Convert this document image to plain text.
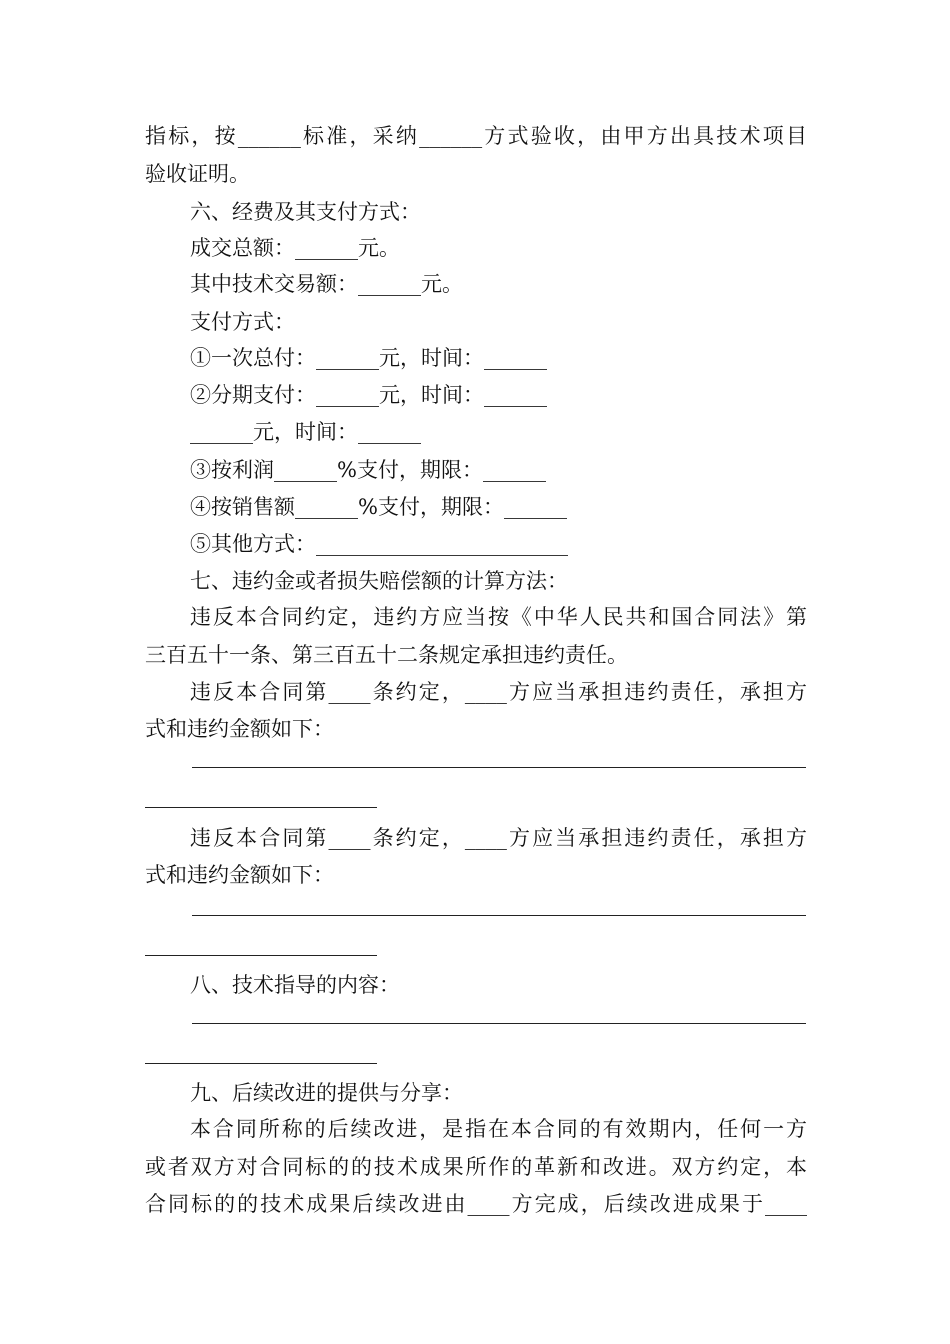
指标，按______标准，采纳______方式验收，由甲方出具技术项目
验收证明。
六、经费及其支付方式：
成交总额：______元。
其中技术交易额：______元。
支付方式：
①一次总付：______元，时间：______
②分期支付：______元，时间：______
______元，时间：______
③按利润______%支付，期限：______
④按销售额______%支付，期限：______
⑤其他方式：________________________
七、违约金或者损失赔偿额的计算方法：
违反本合同约定，违约方应当按《中华人民共和国合同法》第
三百五十一条、第三百五十二条规定承担违约责任。
违反本合同第____条约定，____方应当承担违约责任，承担方
式和违约金额如下：
违反本合同第____条约定，____方应当承担违约责任，承担方
式和违约金额如下：
八、技术指导的内容：
九、后续改进的提供与分享：
本合同所称的后续改进，是指在本合同的有效期内，任何一方
或者双方对合同标的的技术成果所作的革新和改进。双方约定，本
合同标的的技术成果后续改进由____方完成，后续改进成果于____
